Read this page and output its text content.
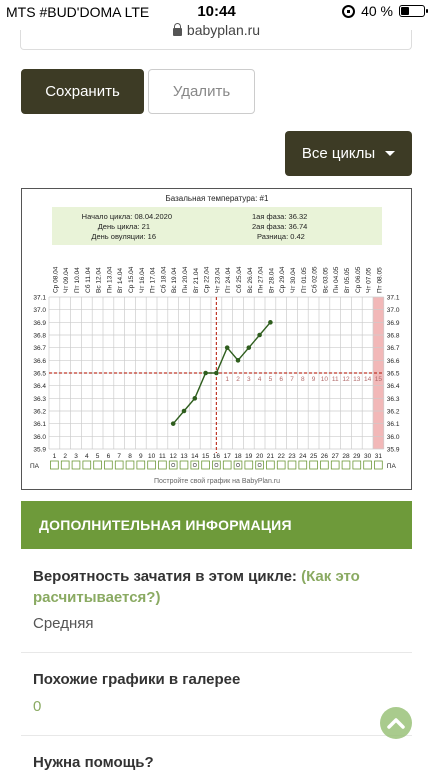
MTS #BUD'DOMA LTE	10:44	40 %
babyplan.ru
Сохранить	Удалить
Все циклы
Базальная температура: #1
Начало цикла: 08.04.2020
День цикла: 21
День овуляции: 16
1ая фаза: 36.32
2ая фаза: 36.74
Разница: 0.42
Ср 08.04 Чт 09.04 Пт 10.04 Сб 11.04 Вс 12.04 Пн 13.04 Вт 14.04 Ср 15.04 Чт 16.04 Пт 17.04 Сб 18.04 Вс 19.04 Пн 20.04 Вт 21.04 Ср 22.04 Чт 23.04 Пт 24.04 Сб 25.04 Вс 26.04 Пн 27.04 Вт 28.04 Ср 29.04 Чт 30.04 Пт 01.05 Сб 02.05 Вс 03.05 Пн 04.05 Вт 05.05 Ср 06.05 Чт 07.05 Пт 08.05
35.9	35.9
36.0	36.0
36.1	36.1
36.2	36.2
36.3	36.3
36.4	36.4
36.5	36.5
36.6	36.6
36.7	36.7
36.8	36.8
36.9	36.9
37.0	37.0
37.1	37.1
1 2 3 4 5 6 7 8 9 10 11 12 13 14 15
1 2 3 4 5 6 7 8 9 10 11 12 13 14 15 16 17 18 19 20 21 22 23 24 25 26 27 28 29 30 31
ПА	ПА
Постройте свой график на BabyPlan.ru
ДОПОЛНИТЕЛЬНАЯ ИНФОРМАЦИЯ
Вероятность зачатия в этом цикле: (Как это расчитывается?)
Средняя
Похожие графики в галерее
0
Нужна помощь?
